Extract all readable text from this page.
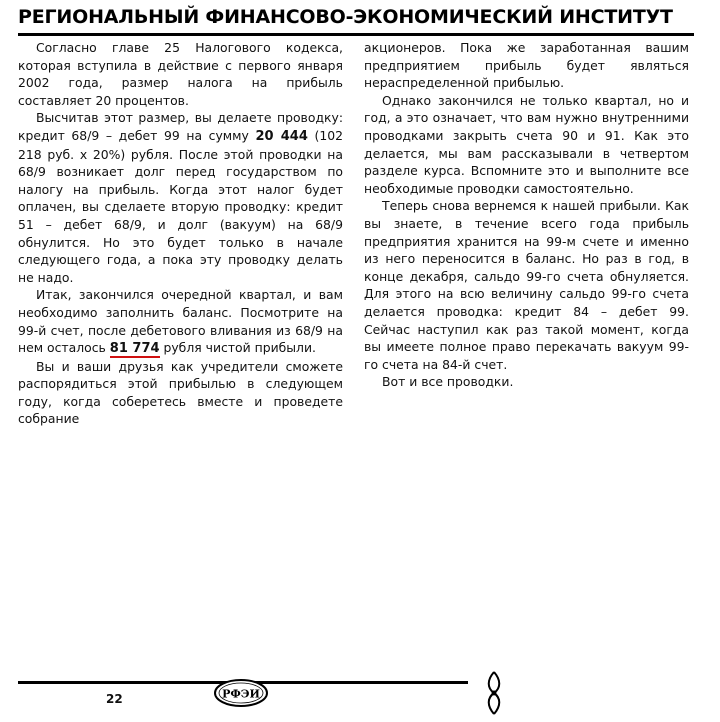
РЕГИОНАЛЬНЫЙ ФИНАНСОВО-ЭКОНОМИЧЕСКИЙ ИНСТИТУТ

Согласно главе 25 Налогового кодекса, которая вступила в действие с первого января 2002 года, размер налога на прибыль составляет 20 процентов.

Высчитав этот размер, вы делаете проводку: кредит 68/9 – дебет 99 на сумму 20 444 (102 218 руб. х 20%) рубля. После этой проводки на 68/9 возникает долг перед государством по налогу на прибыль. Когда этот налог будет оплачен, вы сделаете вторую проводку: кредит 51 – дебет 68/9, и долг (вакуум) на 68/9 обнулится. Но это будет только в начале следующего года, а пока эту проводку делать не надо.

Итак, закончился очередной квартал, и вам необходимо заполнить баланс. Посмотрите на 99-й счет, после дебетового вливания из 68/9 на нем осталось 81 774 рубля чистой прибыли.

Вы и ваши друзья как учредители сможете распорядиться этой прибылью в следующем году, когда соберетесь вместе и проведете собрание

акционеров. Пока же заработанная вашим предприятием прибыль будет являться нераспределенной прибылью.

Однако закончился не только квартал, но и год, а это означает, что вам нужно внутренними проводками закрыть счета 90 и 91. Как это делается, мы вам рассказывали в четвертом разделе курса. Вспомните это и выполните все необходимые проводки самостоятельно.

Теперь снова вернемся к нашей прибыли. Как вы знаете, в течение всего года прибыль предприятия хранится на 99-м счете и именно из него переносится в баланс. Но раз в год, в конце декабря, сальдо 99-го счета обнуляется. Для этого на всю величину сальдо 99-го счета делается проводка: кредит 84 – дебет 99. Сейчас наступил как раз такой момент, когда вы имеете полное право перекачать вакуум 99-го счета на 84-й счет.

Вот и все проводки.

22	РФЭИ
